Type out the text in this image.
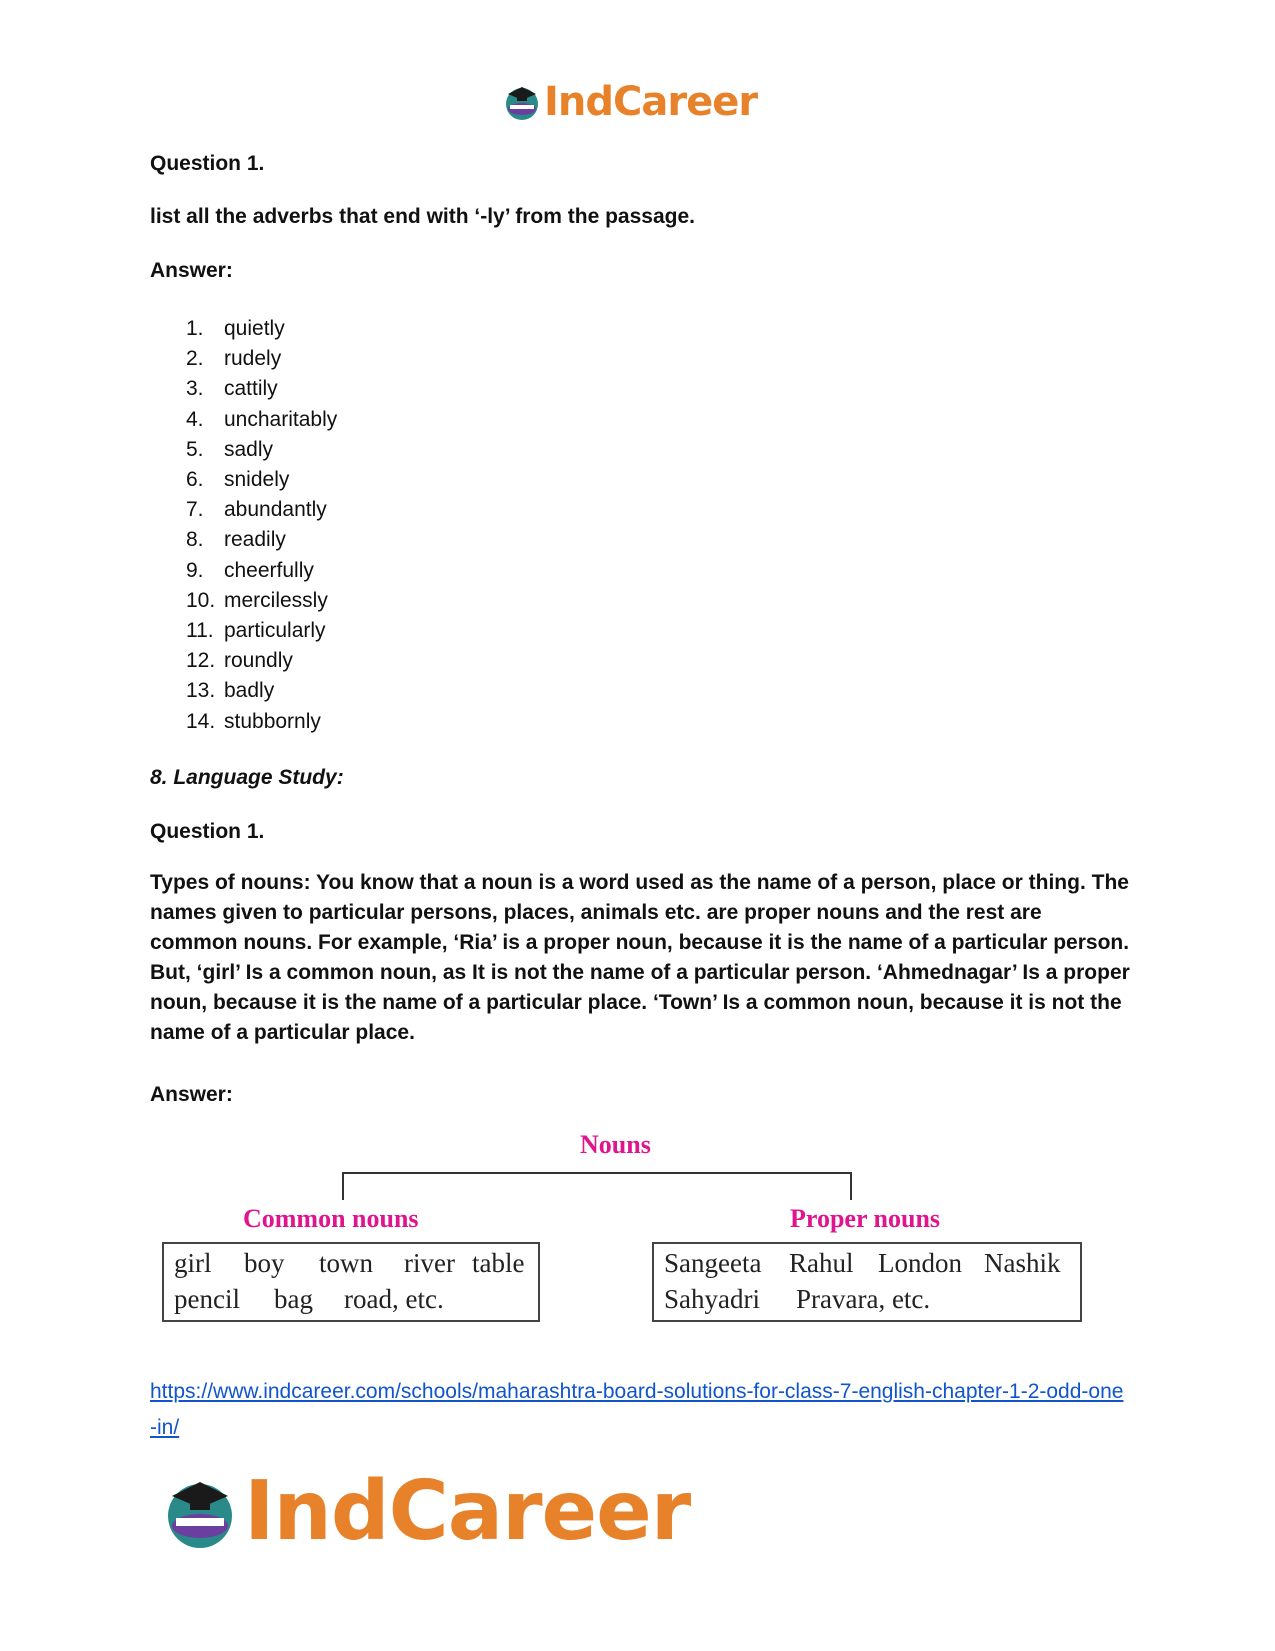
IndCareer

Question 1.

list all the adverbs that end with ‘-ly’ from the passage.

Answer:

1. quietly
2. rudely
3. cattily
4. uncharitably
5. sadly
6. snidely
7. abundantly
8. readily
9. cheerfully
10. mercilessly
11. particularly
12. roundly
13. badly
14. stubbornly

8. Language Study:

Question 1.

Types of nouns: You know that a noun is a word used as the name of a person, place or thing. The names given to particular persons, places, animals etc. are proper nouns and the rest are common nouns. For example, ‘Ria’ is a proper noun, because it is the name of a particular person. But, ‘girl’ Is a common noun, as It is not the name of a particular person. ‘Ahmednagar’ Is a proper noun, because it is the name of a particular place. ‘Town’ Is a common noun, because it is not the name of a particular place.

Answer:

Nouns
Common nouns	Proper nouns
girl boy town river table
pencil bag road, etc.
Sangeeta Rahul London Nashik
Sahyadri Pravara, etc.
https://www.indcareer.com/schools/maharashtra-board-solutions-for-class-7-english-chapter-1-2-odd-one-in/
IndCareer
